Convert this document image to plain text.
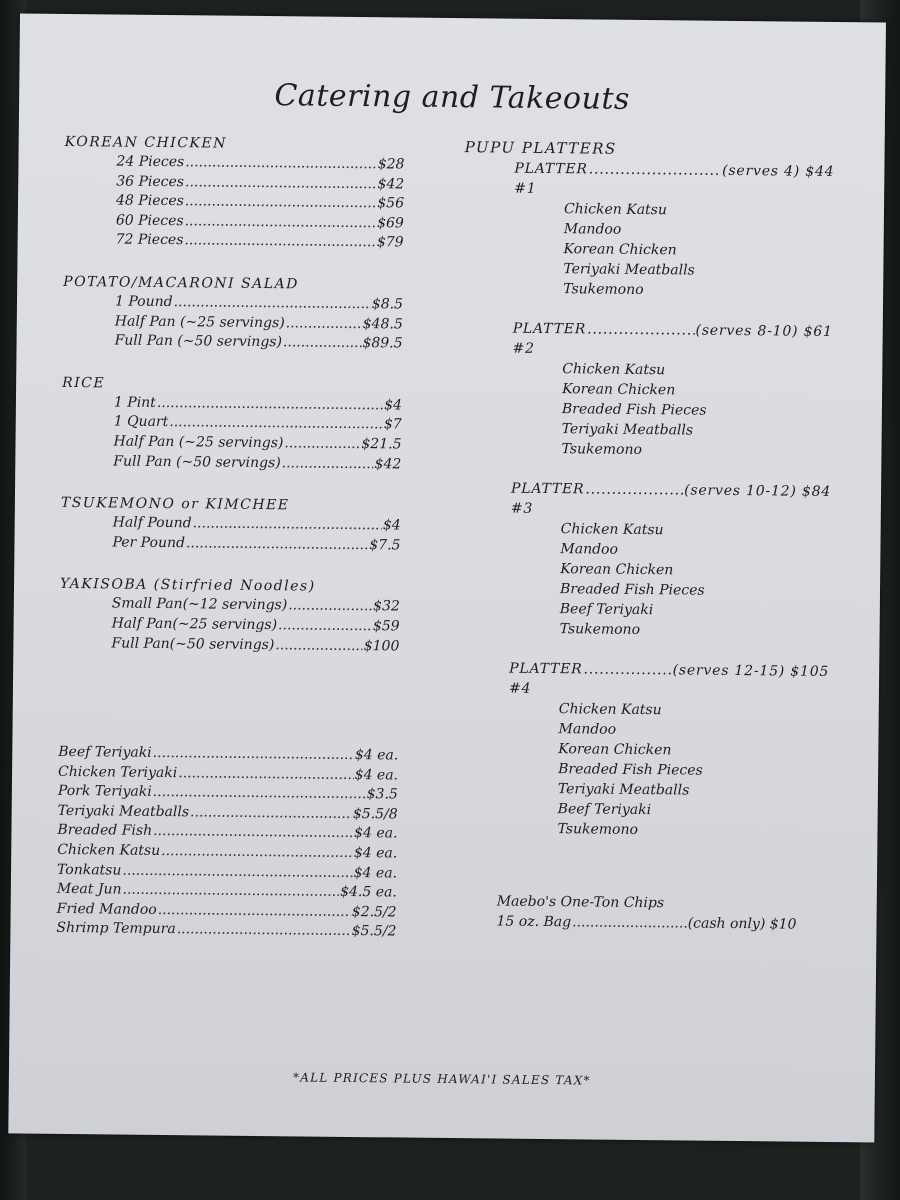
Catering and Takeouts
KOREAN CHICKEN
24 Pieces .....	$28
36 Pieces .....	$42
48 Pieces .....	$56
60 Pieces .....	$69
72 Pieces .....	$79
POTATO/MACARONI SALAD
1 Pound .....	$8.5
Half Pan (~25 servings) .....	$48.5
Full Pan (~50 servings) .....	$89.5
RICE
1 Pint .....	$4
1 Quart .....	$7
Half Pan (~25 servings) .....	$21.5
Full Pan (~50 servings) .....	$42
TSUKEMONO or KIMCHEE
Half Pound .....	$4
Per Pound .....	$7.5
YAKISOBA (Stirfried Noodles)
Small Pan(~12 servings) .....	$32
Half Pan(~25 servings) .....	$59
Full Pan(~50 servings) .....	$100
Beef Teriyaki .....	$4 ea.
Chicken Teriyaki .....	$4 ea.
Pork Teriyaki .....	$3.5
Teriyaki Meatballs .....	$5.5/8
Breaded Fish .....	$4 ea.
Chicken Katsu .....	$4 ea.
Tonkatsu .....	$4 ea.
Meat Jun .....	$4.5 ea.
Fried Mandoo .....	$2.5/2
Shrimp Tempura .....	$5.5/2
PUPU PLATTERS
PLATTER #1
.....
(serves 4) $44
Chicken Katsu
Mandoo
Korean Chicken
Teriyaki Meatballs
Tsukemono
PLATTER #2
.....
(serves 8-10) $61
Chicken Katsu
Korean Chicken
Breaded Fish Pieces
Teriyaki Meatballs
Tsukemono
PLATTER #3
.....
(serves 10-12) $84
Chicken Katsu
Mandoo
Korean Chicken
Breaded Fish Pieces
Beef Teriyaki
Tsukemono
PLATTER #4
.....
(serves 12-15) $105
Chicken Katsu
Mandoo
Korean Chicken
Breaded Fish Pieces
Teriyaki Meatballs
Beef Teriyaki
Tsukemono
Maebo's One-Ton Chips
15 oz. Bag .....	(cash only) $10
*ALL PRICES PLUS HAWAI'I SALES TAX*
